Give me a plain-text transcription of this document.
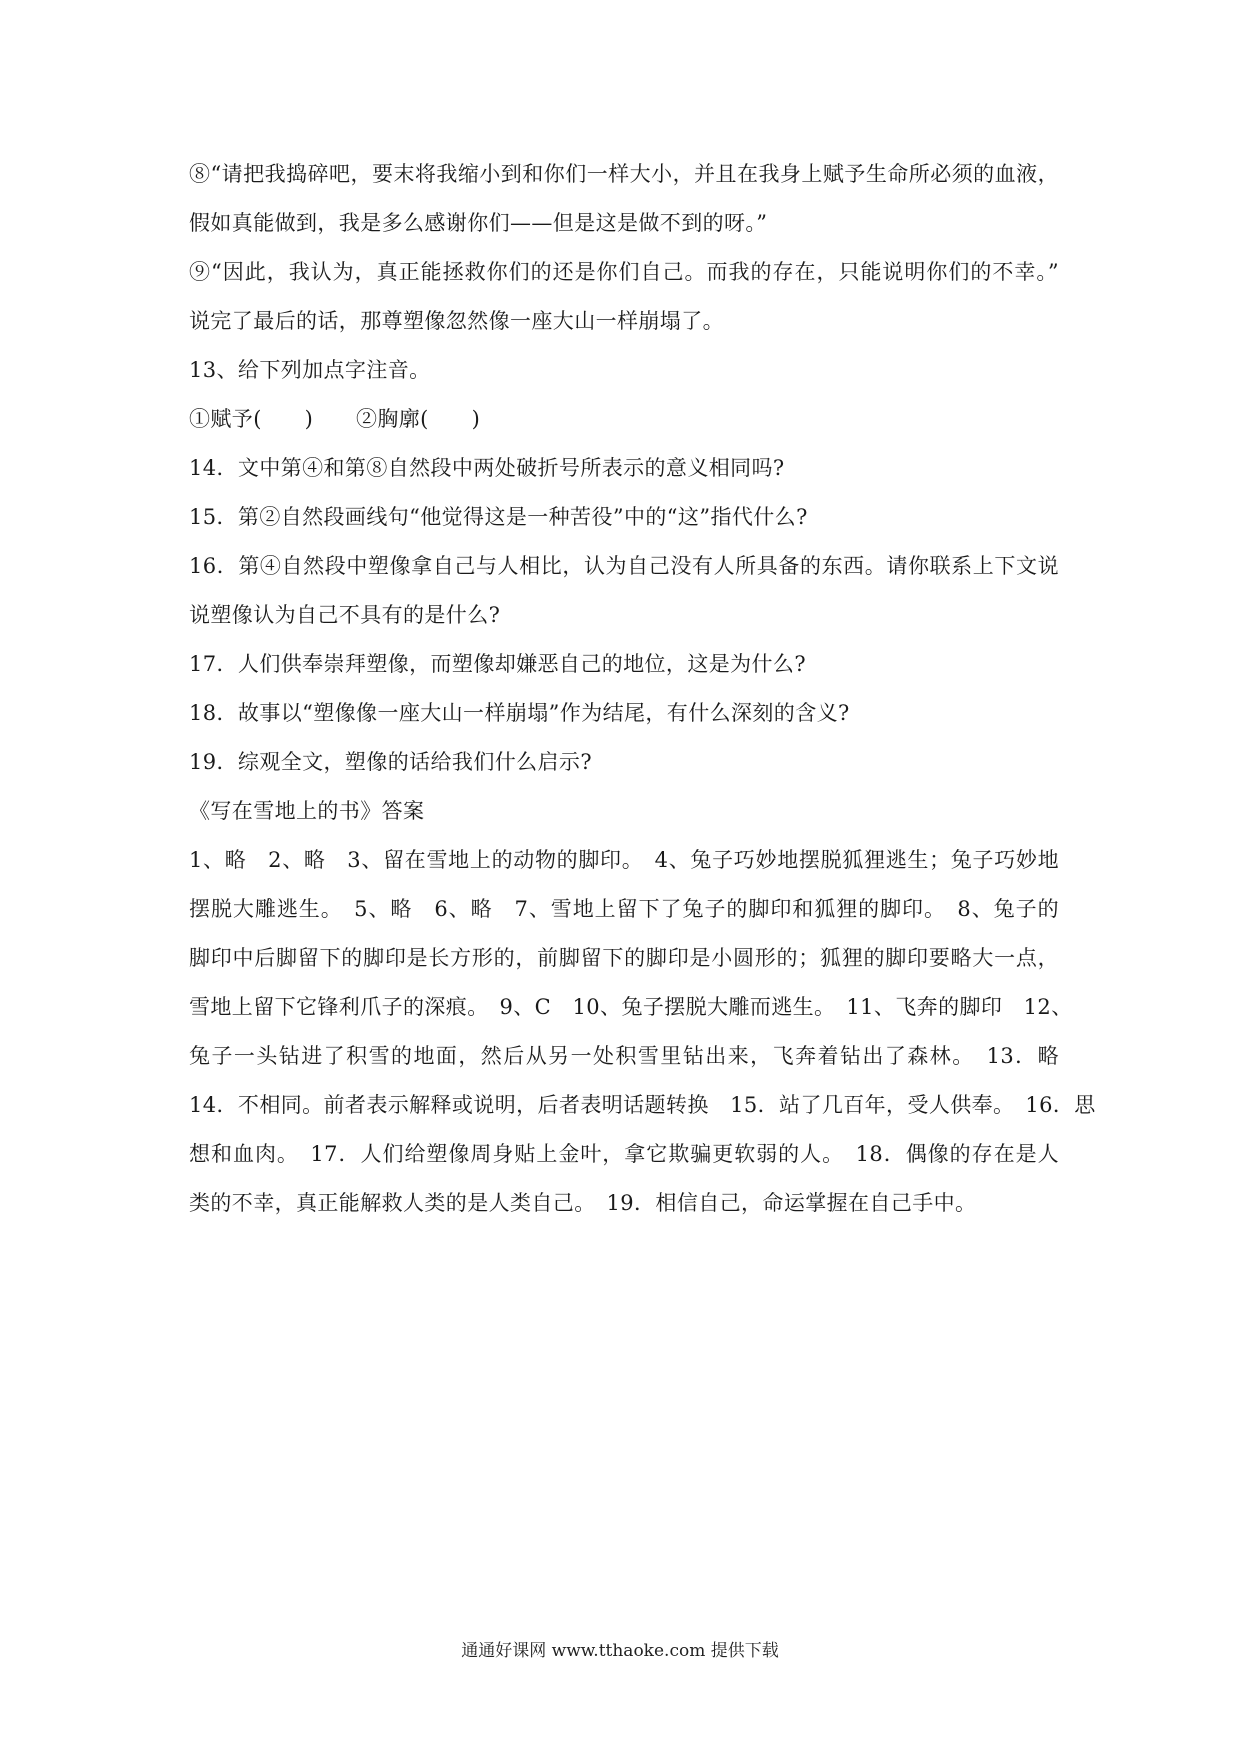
⑧“请把我捣碎吧，要末将我缩小到和你们一样大小，并且在我身上赋予生命所必须的血液，

假如真能做到，我是多么感谢你们——但是这是做不到的呀。”

⑨“因此，我认为，真正能拯救你们的还是你们自己。而我的存在，只能说明你们的不幸。”

说完了最后的话，那尊塑像忽然像一座大山一样崩塌了。

13、给下列加点字注音。

①赋予(　　)　　②胸廓(　　)

14．文中第④和第⑧自然段中两处破折号所表示的意义相同吗?

15．第②自然段画线句“他觉得这是一种苦役”中的“这”指代什么?

16．第④自然段中塑像拿自己与人相比，认为自己没有人所具备的东西。请你联系上下文说

说塑像认为自己不具有的是什么?

17．人们供奉崇拜塑像，而塑像却嫌恶自己的地位，这是为什么?

18．故事以“塑像像一座大山一样崩塌”作为结尾，有什么深刻的含义?

19．综观全文，塑像的话给我们什么启示?

《写在雪地上的书》答案

1、略　2、略　3、留在雪地上的动物的脚印。　4、兔子巧妙地摆脱狐狸逃生；兔子巧妙地

摆脱大雕逃生。　5、略　6、略　7、雪地上留下了兔子的脚印和狐狸的脚印。　8、兔子的

脚印中后脚留下的脚印是长方形的，前脚留下的脚印是小圆形的；狐狸的脚印要略大一点，

雪地上留下它锋利爪子的深痕。　9、C　10、兔子摆脱大雕而逃生。　11、飞奔的脚印　12、

兔子一头钻进了积雪的地面，然后从另一处积雪里钻出来，飞奔着钻出了森林。　13．略

14．不相同。前者表示解释或说明，后者表明话题转换　15．站了几百年，受人供奉。　16．思

想和血肉。　17．人们给塑像周身贴上金叶，拿它欺骗更软弱的人。　18．偶像的存在是人

类的不幸，真正能解救人类的是人类自己。　19．相信自己，命运掌握在自己手中。

通通好课网 www.tthaoke.com 提供下载
